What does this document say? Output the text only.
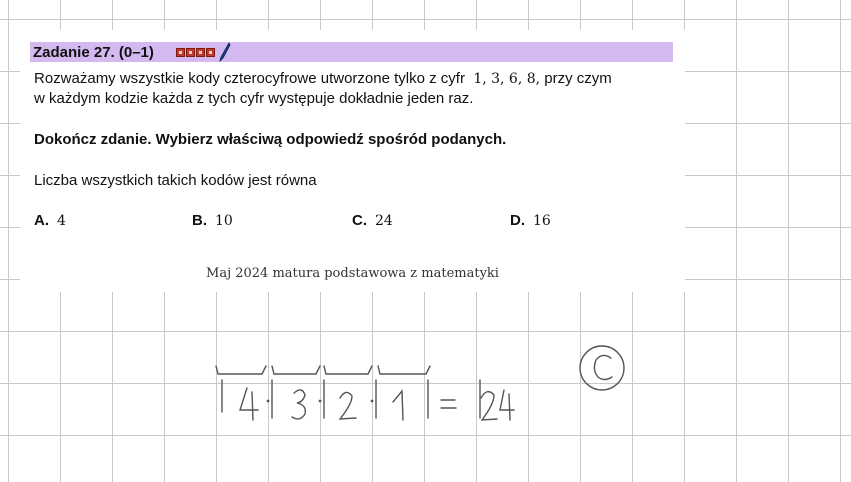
Zadanie 27. (0–1)
Rozważamy wszystkie kody czterocyfrowe utworzone tylko z cyfr 1, 3, 6, 8, przy czym
w każdym kodzie każda z tych cyfr występuje dokładnie jeden raz.
Dokończ zdanie. Wybierz właściwą odpowiedź spośród podanych.
Liczba wszystkich takich kodów jest równa
A. 4	B. 10	C. 24	D. 16
Maj 2024 matura podstawowa z matematyki
